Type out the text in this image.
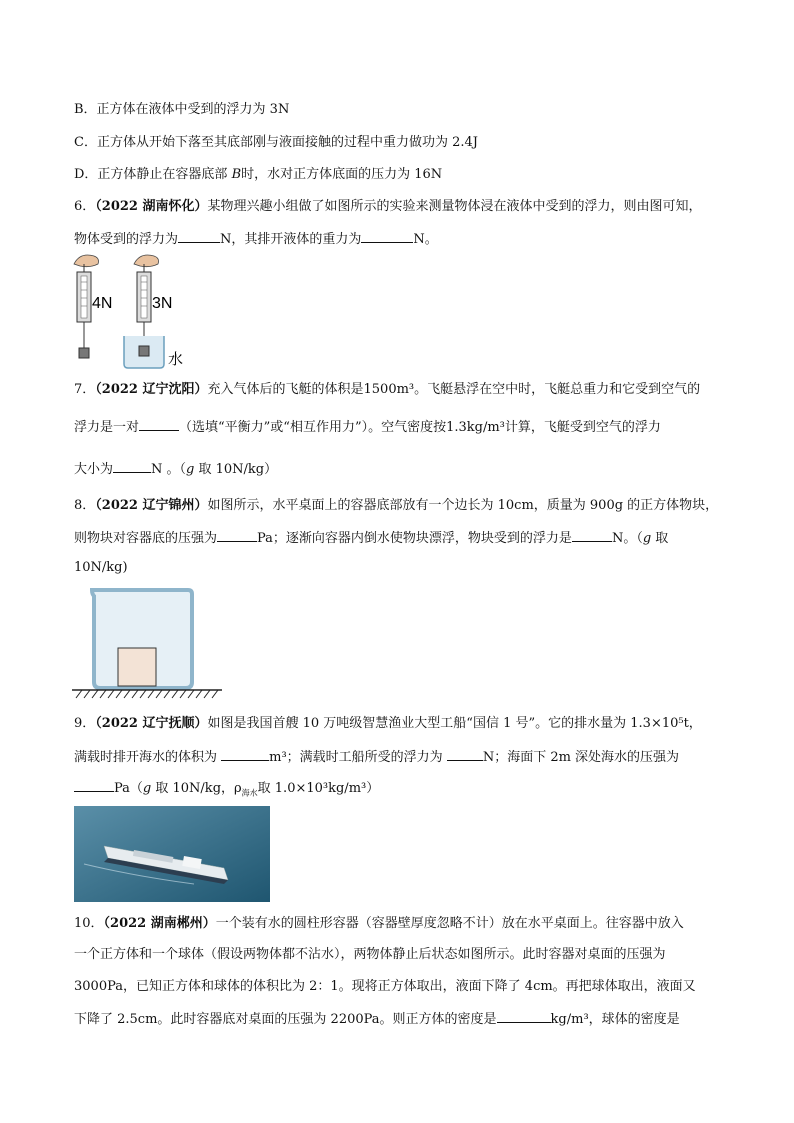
B．正方体在液体中受到的浮力为 3N
C．正方体从开始下落至其底部刚与液面接触的过程中重力做功为 2.4J
D．正方体静止在容器底部 B时，水对正方体底面的压力为 16N
6．（2022 湖南怀化）某物理兴趣小组做了如图所示的实验来测量物体浸在液体中受到的浮力，则由图可知，
物体受到的浮力为	N，其排开液体的重力为	N。
4N 3N
水
7．（2022 辽宁沈阳）充入气体后的飞艇的体积是1500m³。飞艇悬浮在空中时，飞艇总重力和它受到空气的
浮力是一对	（选填“平衡力”或“相互作用力”）。空气密度按1.3kg/m³计算，飞艇受到空气的浮力
大小为	N 。（g 取 10N/kg）
8．（2022 辽宁锦州）如图所示，水平桌面上的容器底部放有一个边长为 10cm，质量为 900g 的正方体物块，
则物块对容器底的压强为	Pa；逐渐向容器内倒水使物块漂浮，物块受到的浮力是	N。（g 取
10N/kg)
9．（2022 辽宁抚顺）如图是我国首艘 10 万吨级智慧渔业大型工船“国信 1 号”。它的排水量为 1.3×10⁵t，
满载时排开海水的体积为	m³；满载时工船所受的浮力为	N；海面下 2m 深处海水的压强为
Pa（g 取 10N/kg，$\rho_{海水}$取 1.0×10³kg/m³）
10．（2022 湖南郴州）一个装有水的圆柱形容器（容器壁厚度忽略不计）放在水平桌面上。往容器中放入
一个正方体和一个球体（假设两物体都不沾水），两物体静止后状态如图所示。此时容器对桌面的压强为
3000Pa，已知正方体和球体的体积比为 2：1。现将正方体取出，液面下降了 4cm。再把球体取出，液面又
下降了 2.5cm。此时容器底对桌面的压强为 2200Pa。则正方体的密度是	kg/m³，球体的密度是
